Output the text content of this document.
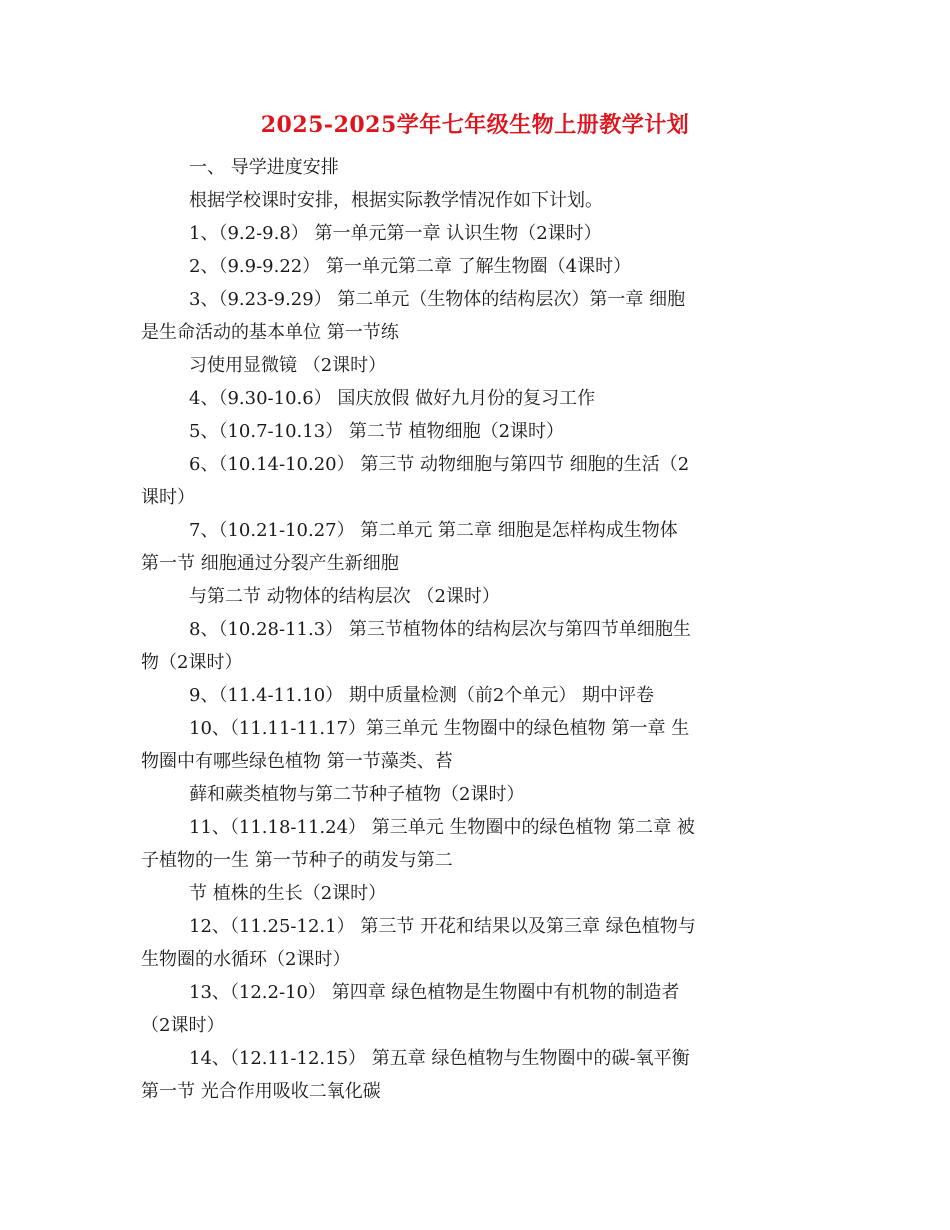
2025-2025学年七年级生物上册教学计划
一、 导学进度安排
根据学校课时安排，根据实际教学情况作如下计划。
1、（9.2-9.8） 第一单元第一章 认识生物（2课时）
2、（9.9-9.22） 第一单元第二章 了解生物圈（4课时）
3、（9.23-9.29） 第二单元（生物体的结构层次）第一章 细胞
是生命活动的基本单位 第一节练
习使用显微镜 （2课时）
4、（9.30-10.6） 国庆放假 做好九月份的复习工作
5、（10.7-10.13） 第二节 植物细胞（2课时）
6、（10.14-10.20） 第三节 动物细胞与第四节 细胞的生活（2
课时）
7、（10.21-10.27） 第二单元 第二章 细胞是怎样构成生物体
第一节 细胞通过分裂产生新细胞
与第二节 动物体的结构层次 （2课时）
8、（10.28-11.3） 第三节植物体的结构层次与第四节单细胞生
物（2课时）
9、（11.4-11.10） 期中质量检测（前2个单元） 期中评卷
10、（11.11-11.17）第三单元 生物圈中的绿色植物 第一章 生
物圈中有哪些绿色植物 第一节藻类、苔
藓和蕨类植物与第二节种子植物（2课时）
11、（11.18-11.24） 第三单元 生物圈中的绿色植物 第二章 被
子植物的一生 第一节种子的萌发与第二
节 植株的生长（2课时）
12、（11.25-12.1） 第三节 开花和结果以及第三章 绿色植物与
生物圈的水循环（2课时）
13、（12.2-10） 第四章 绿色植物是生物圈中有机物的制造者
（2课时）
14、（12.11-12.15） 第五章 绿色植物与生物圈中的碳-氧平衡
第一节 光合作用吸收二氧化碳
